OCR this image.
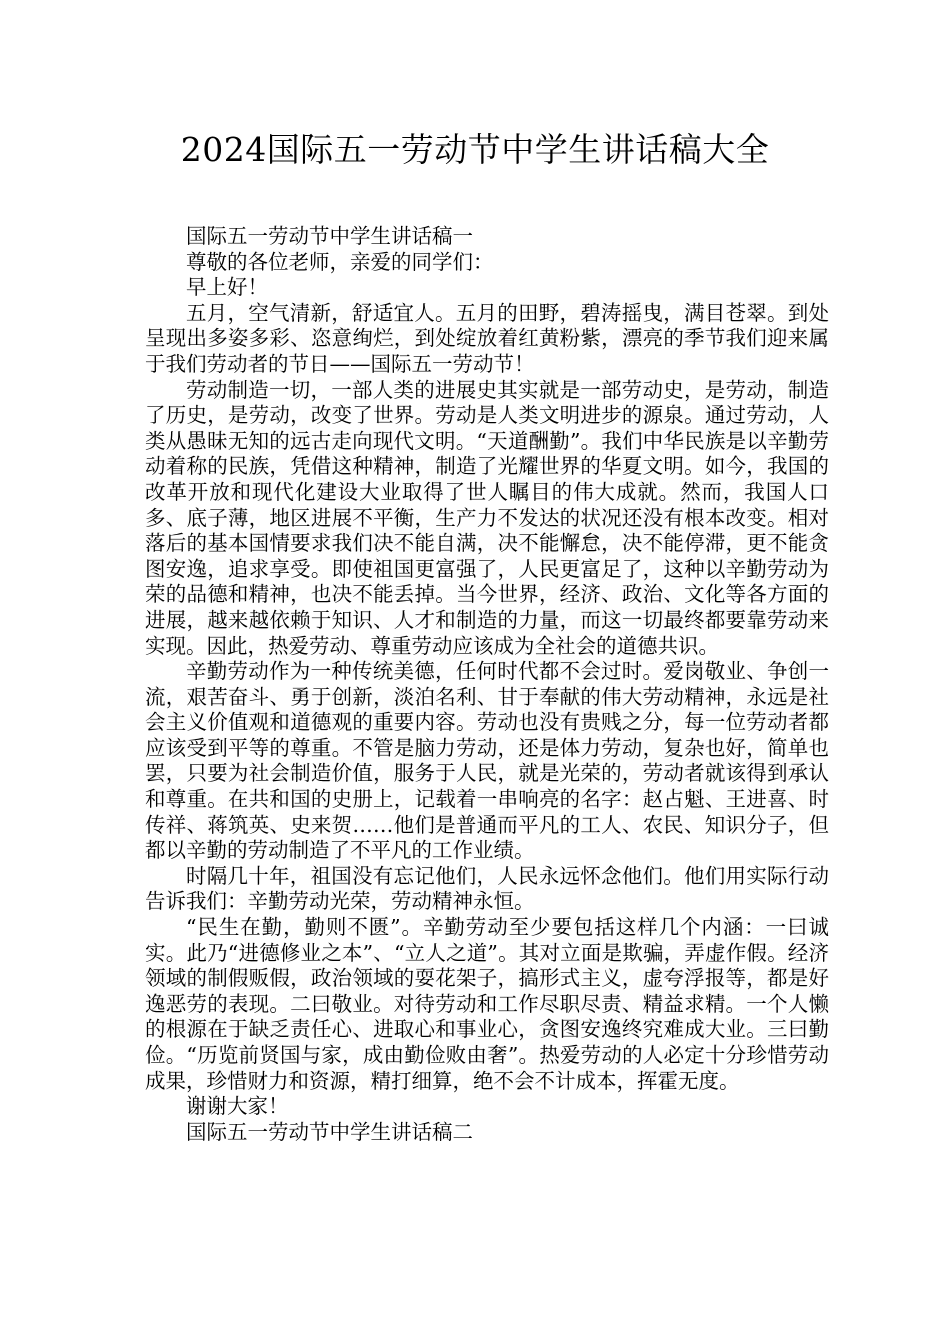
2024国际五一劳动节中学生讲话稿大全

国际五一劳动节中学生讲话稿一

尊敬的各位老师，亲爱的同学们：

早上好！

五月，空气清新，舒适宜人。五月的田野，碧涛摇曳，满目苍翠。到处呈现出多姿多彩、恣意绚烂，到处绽放着红黄粉紫，漂亮的季节我们迎来属于我们劳动者的节日——国际五一劳动节！

劳动制造一切，一部人类的进展史其实就是一部劳动史，是劳动，制造了历史，是劳动，改变了世界。劳动是人类文明进步的源泉。通过劳动，人类从愚昧无知的远古走向现代文明。“天道酬勤”。我们中华民族是以辛勤劳动着称的民族，凭借这种精神，制造了光耀世界的华夏文明。如今，我国的改革开放和现代化建设大业取得了世人瞩目的伟大成就。然而，我国人口多、底子薄，地区进展不平衡，生产力不发达的状况还没有根本改变。相对落后的基本国情要求我们决不能自满，决不能懈怠，决不能停滞，更不能贪图安逸，追求享受。即使祖国更富强了，人民更富足了，这种以辛勤劳动为荣的品德和精神，也决不能丢掉。当今世界，经济、政治、文化等各方面的进展，越来越依赖于知识、人才和制造的力量，而这一切最终都要靠劳动来实现。因此，热爱劳动、尊重劳动应该成为全社会的道德共识。

辛勤劳动作为一种传统美德，任何时代都不会过时。爱岗敬业、争创一流，艰苦奋斗、勇于创新，淡泊名利、甘于奉献的伟大劳动精神，永远是社会主义价值观和道德观的重要内容。劳动也没有贵贱之分，每一位劳动者都应该受到平等的尊重。不管是脑力劳动，还是体力劳动，复杂也好，简单也罢，只要为社会制造价值，服务于人民，就是光荣的，劳动者就该得到承认和尊重。在共和国的史册上，记载着一串响亮的名字：赵占魁、王进喜、时传祥、蒋筑英、史来贺……他们是普通而平凡的工人、农民、知识分子，但都以辛勤的劳动制造了不平凡的工作业绩。

时隔几十年，祖国没有忘记他们，人民永远怀念他们。他们用实际行动告诉我们：辛勤劳动光荣，劳动精神永恒。

“民生在勤，勤则不匮”。辛勤劳动至少要包括这样几个内涵：一曰诚实。此乃“进德修业之本”、“立人之道”。其对立面是欺骗，弄虚作假。经济领域的制假贩假，政治领域的耍花架子，搞形式主义，虚夸浮报等，都是好逸恶劳的表现。二曰敬业。对待劳动和工作尽职尽责、精益求精。一个人懒的根源在于缺乏责任心、进取心和事业心，贪图安逸终究难成大业。三曰勤俭。“历览前贤国与家，成由勤俭败由奢”。热爱劳动的人必定十分珍惜劳动成果，珍惜财力和资源，精打细算，绝不会不计成本，挥霍无度。

谢谢大家！

国际五一劳动节中学生讲话稿二
